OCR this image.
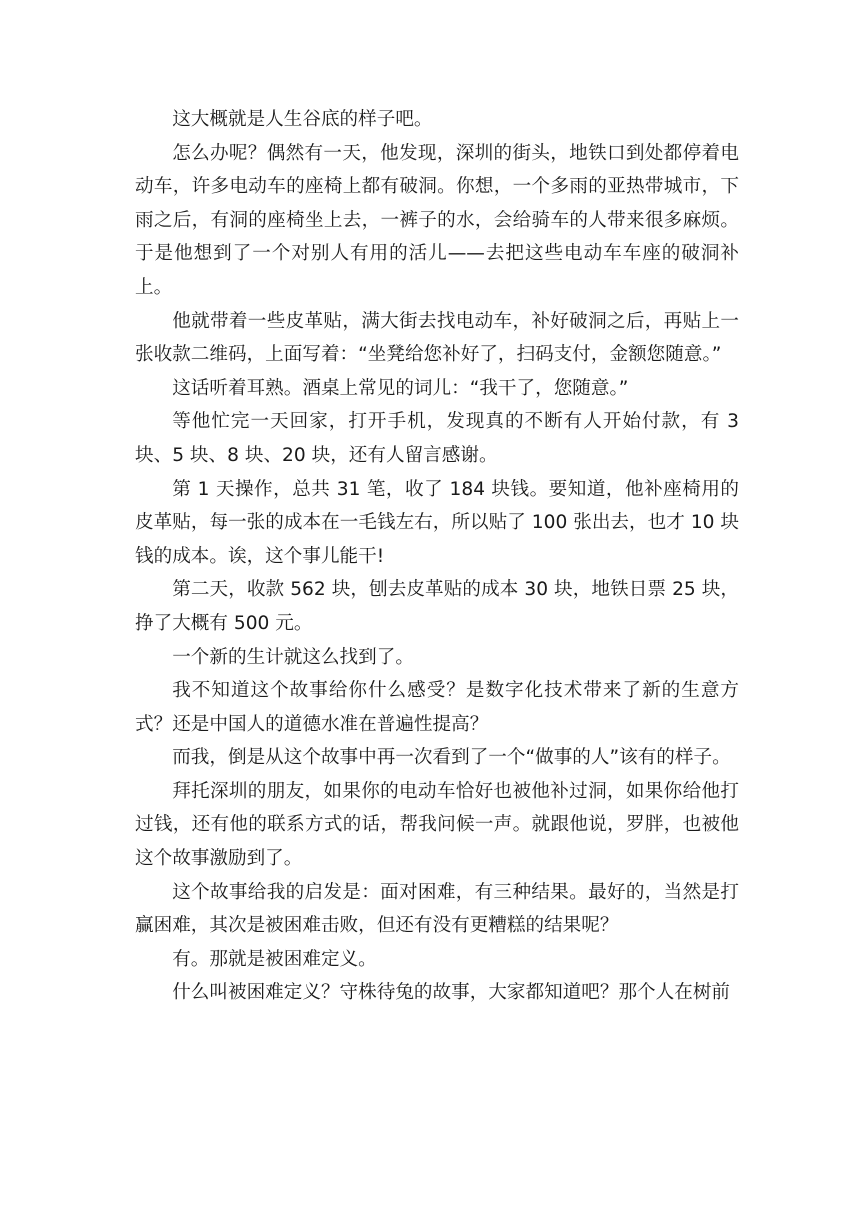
这大概就是人生谷底的样子吧。

怎么办呢？偶然有一天，他发现，深圳的街头，地铁口到处都停着电动车，许多电动车的座椅上都有破洞。你想，一个多雨的亚热带城市，下雨之后，有洞的座椅坐上去，一裤子的水，会给骑车的人带来很多麻烦。于是他想到了一个对别人有用的活儿——去把这些电动车车座的破洞补上。

他就带着一些皮革贴，满大街去找电动车，补好破洞之后，再贴上一张收款二维码，上面写着：“坐凳给您补好了，扫码支付，金额您随意。”

这话听着耳熟。酒桌上常见的词儿：“我干了，您随意。”

等他忙完一天回家，打开手机，发现真的不断有人开始付款，有 3 块、5 块、8 块、20 块，还有人留言感谢。

第 1 天操作，总共 31 笔，收了 184 块钱。要知道，他补座椅用的皮革贴，每一张的成本在一毛钱左右，所以贴了 100 张出去，也才 10 块钱的成本。诶，这个事儿能干!

第二天，收款 562 块，刨去皮革贴的成本 30 块，地铁日票 25 块，挣了大概有 500 元。

一个新的生计就这么找到了。

我不知道这个故事给你什么感受？是数字化技术带来了新的生意方式？还是中国人的道德水准在普遍性提高？

而我，倒是从这个故事中再一次看到了一个“做事的人”该有的样子。

拜托深圳的朋友，如果你的电动车恰好也被他补过洞，如果你给他打过钱，还有他的联系方式的话，帮我问候一声。就跟他说，罗胖，也被他这个故事激励到了。

这个故事给我的启发是：面对困难，有三种结果。最好的，当然是打赢困难，其次是被困难击败，但还有没有更糟糕的结果呢？

有。那就是被困难定义。

什么叫被困难定义？守株待兔的故事，大家都知道吧？那个人在树前
